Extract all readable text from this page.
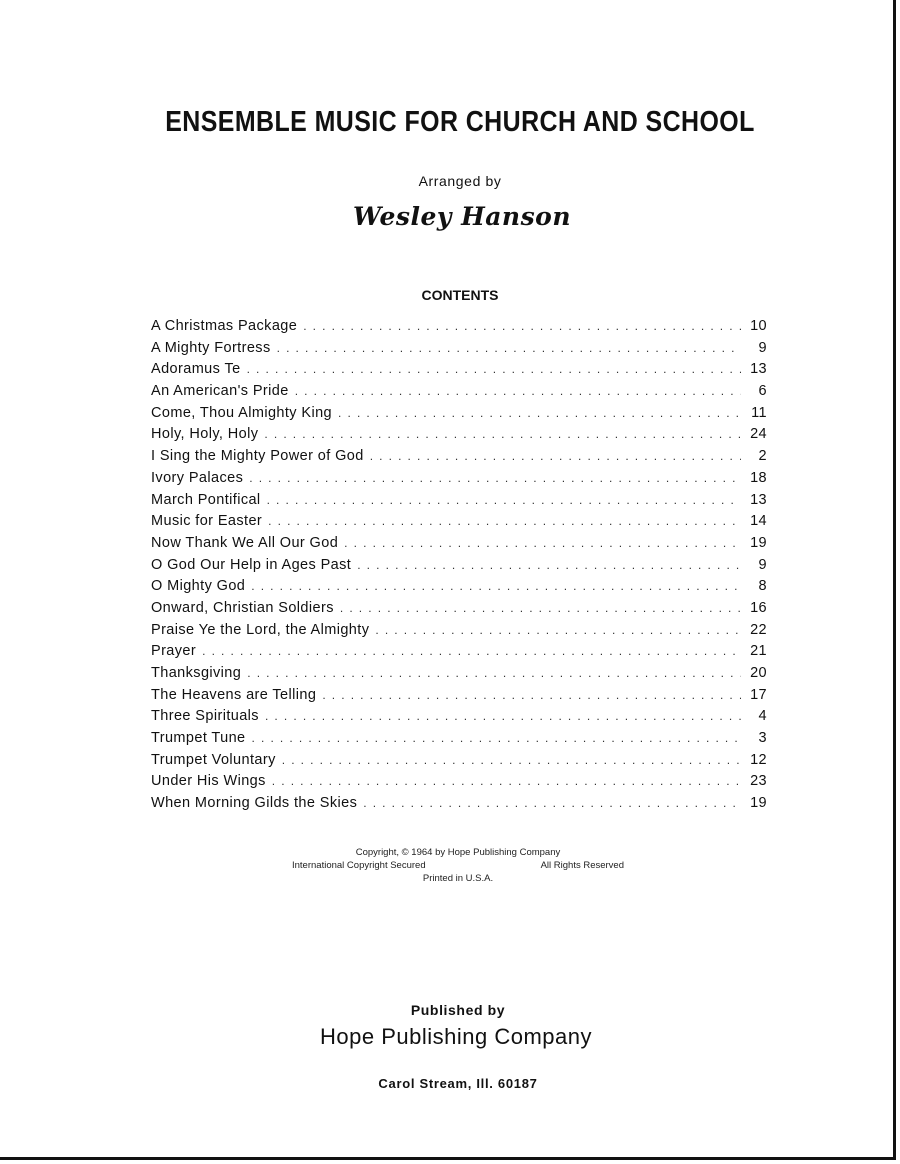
ENSEMBLE MUSIC FOR CHURCH AND SCHOOL
Arranged by
Wesley Hanson
CONTENTS
A Christmas Package . . .	10
A Mighty Fortress . . .	9
Adoramus Te . . .	13
An American's Pride . . .	6
Come, Thou Almighty King . . .	11
Holy, Holy, Holy . . .	24
I Sing the Mighty Power of God . . .	2
Ivory Palaces . . .	18
March Pontifical . . .	13
Music for Easter . . .	14
Now Thank We All Our God . . .	19
O God Our Help in Ages Past . . .	9
O Mighty God . . .	8
Onward, Christian Soldiers . . .	16
Praise Ye the Lord, the Almighty . . .	22
Prayer . . .	21
Thanksgiving . . .	20
The Heavens are Telling . . .	17
Three Spirituals . . .	4
Trumpet Tune . . .	3
Trumpet Voluntary . . .	12
Under His Wings . . .	23
When Morning Gilds the Skies . . .	19
Copyright, © 1964 by Hope Publishing Company
International Copyright Secured	All Rights Reserved
Printed in U.S.A.
Published by
Hope Publishing Company
Carol Stream, Ill. 60187
